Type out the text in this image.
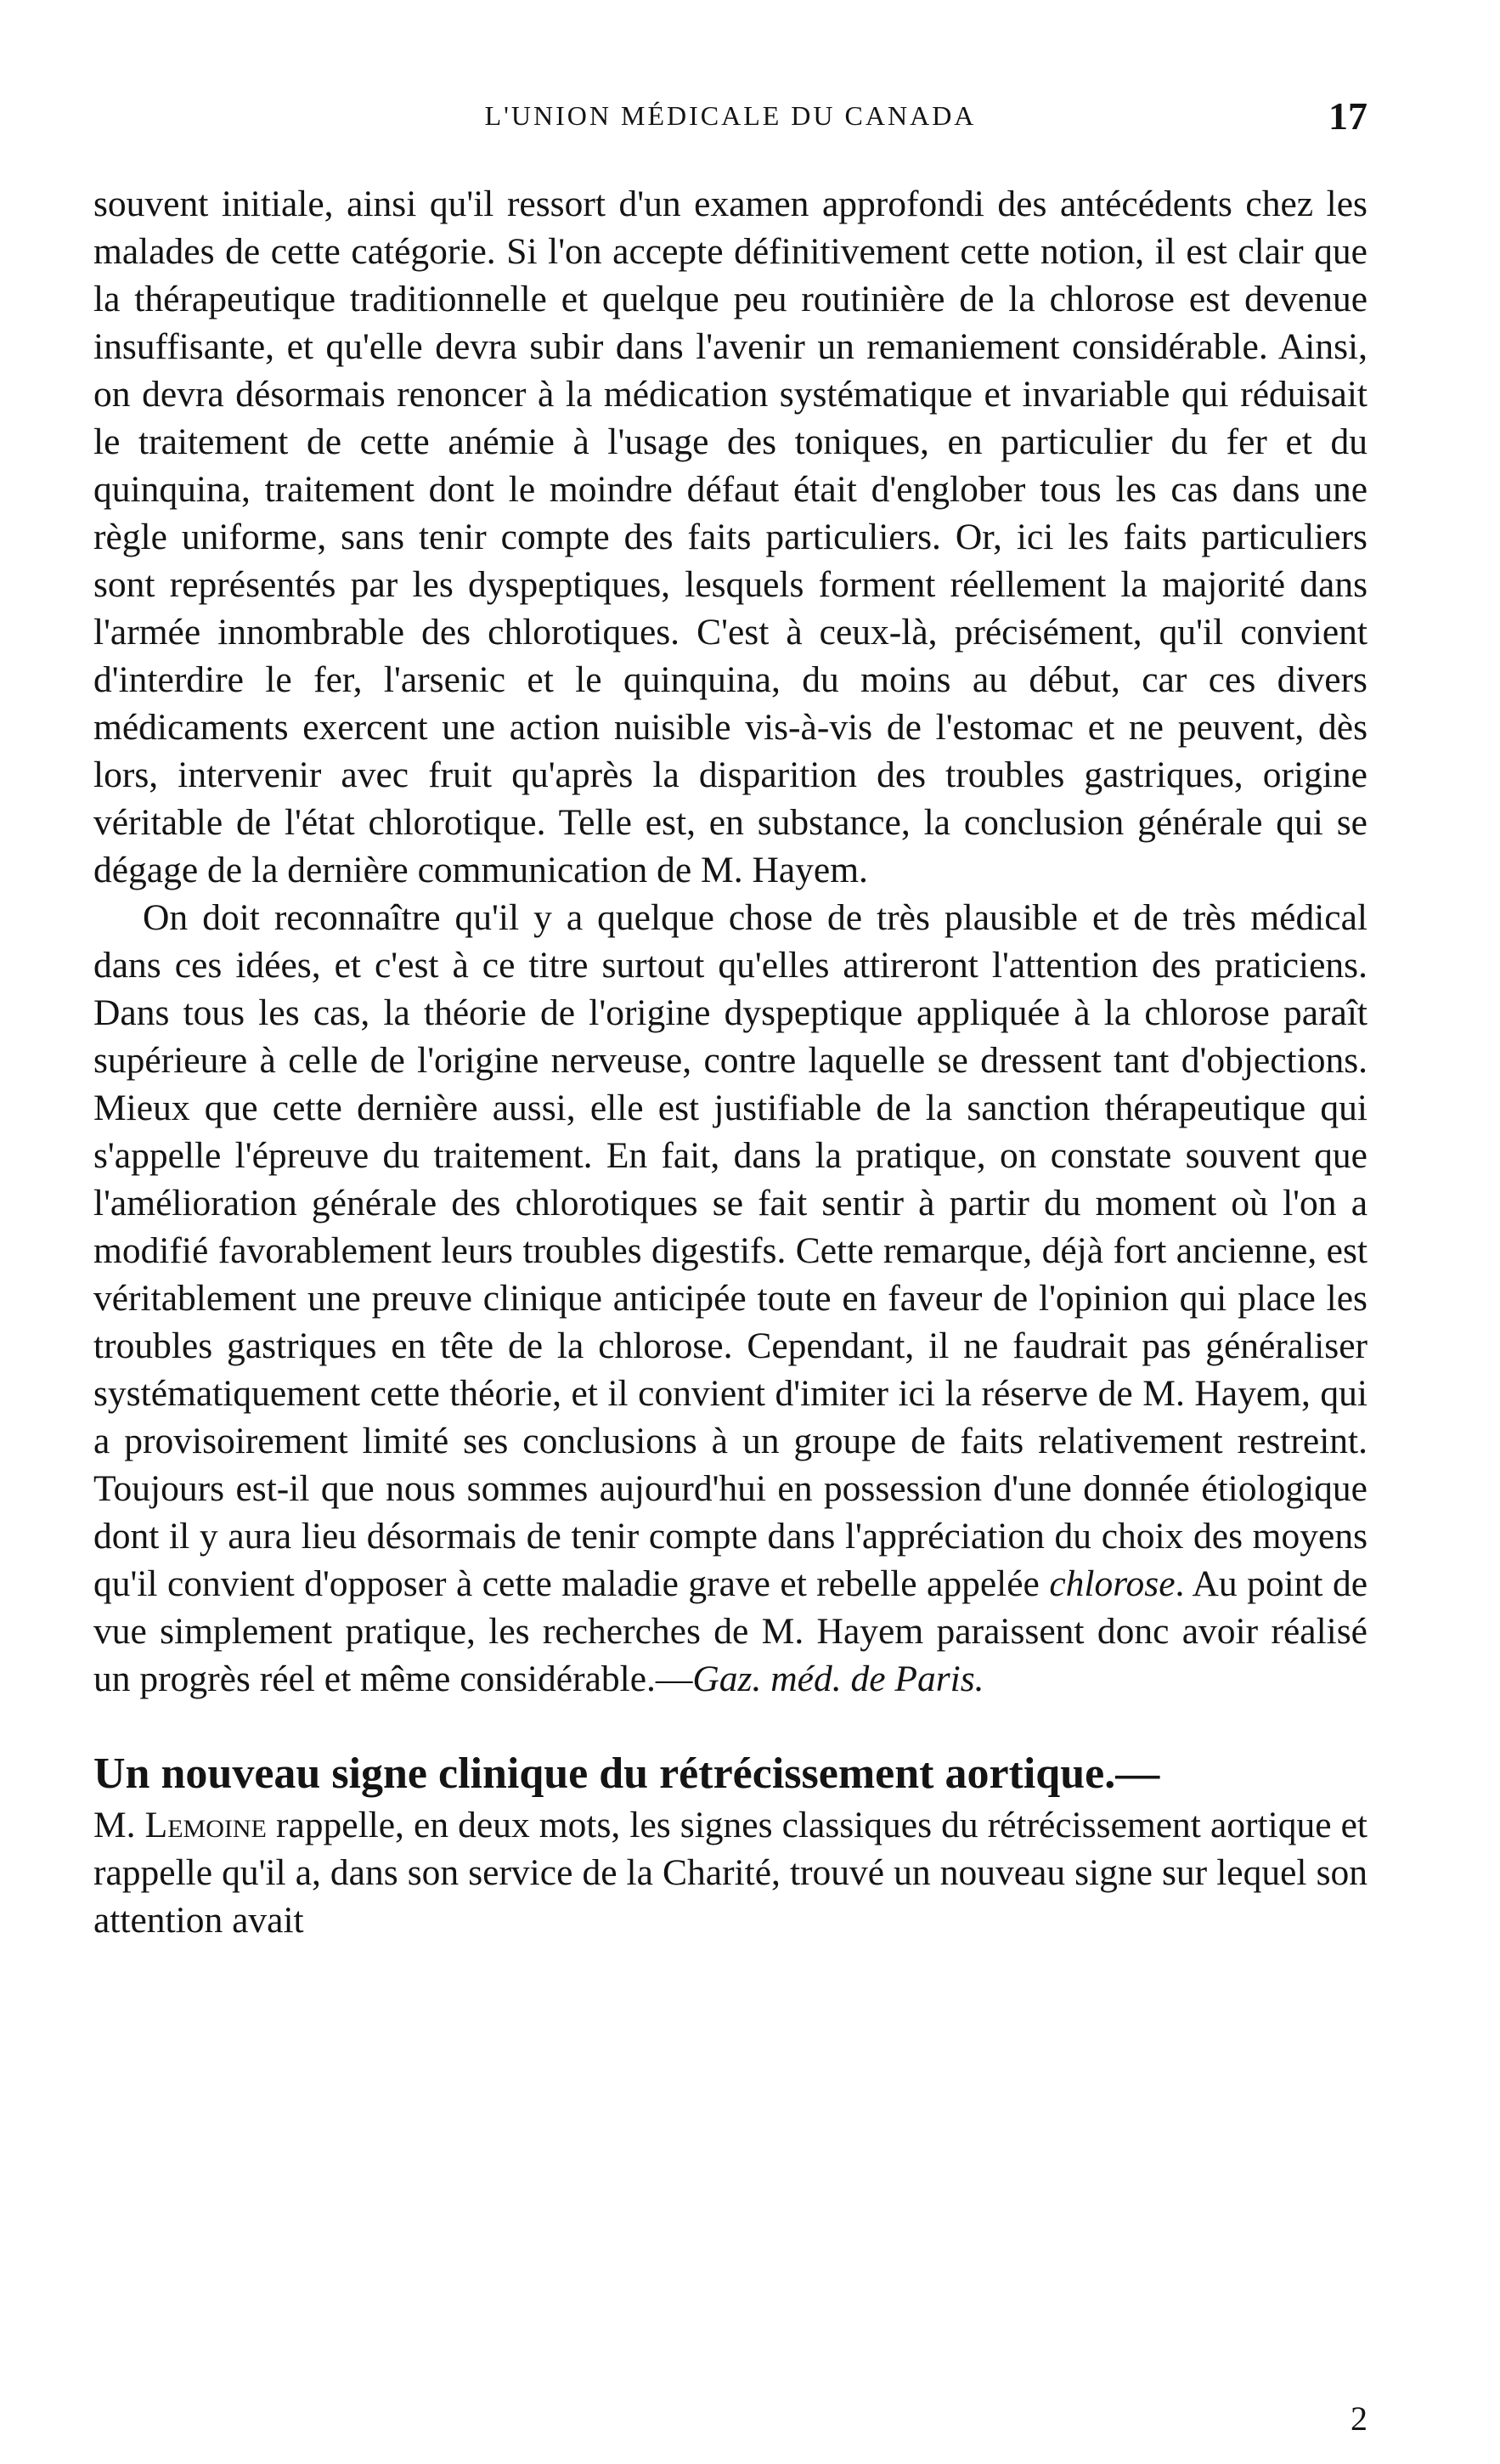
L'UNION MÉDICALE DU CANADA	17

souvent initiale, ainsi qu'il ressort d'un examen approfondi des antécédents chez les malades de cette catégorie. Si l'on accepte définitivement cette notion, il est clair que la thérapeutique traditionnelle et quelque peu routinière de la chlorose est devenue insuffisante, et qu'elle devra subir dans l'avenir un remaniement considérable. Ainsi, on devra désormais renoncer à la médication systématique et invariable qui réduisait le traitement de cette anémie à l'usage des toniques, en particulier du fer et du quinquina, traitement dont le moindre défaut était d'englober tous les cas dans une règle uniforme, sans tenir compte des faits particuliers. Or, ici les faits particuliers sont représentés par les dyspeptiques, lesquels forment réellement la majorité dans l'armée innombrable des chlorotiques. C'est à ceux-là, précisément, qu'il convient d'interdire le fer, l'arsenic et le quinquina, du moins au début, car ces divers médicaments exercent une action nuisible vis-à-vis de l'estomac et ne peuvent, dès lors, intervenir avec fruit qu'après la disparition des troubles gastriques, origine véritable de l'état chlorotique. Telle est, en substance, la conclusion générale qui se dégage de la dernière communication de M. Hayem.

On doit reconnaître qu'il y a quelque chose de très plausible et de très médical dans ces idées, et c'est à ce titre surtout qu'elles attireront l'attention des praticiens. Dans tous les cas, la théorie de l'origine dyspeptique appliquée à la chlorose paraît supérieure à celle de l'origine nerveuse, contre laquelle se dressent tant d'objections. Mieux que cette dernière aussi, elle est justifiable de la sanction thérapeutique qui s'appelle l'épreuve du traitement. En fait, dans la pratique, on constate souvent que l'amélioration générale des chlorotiques se fait sentir à partir du moment où l'on a modifié favorablement leurs troubles digestifs. Cette remarque, déjà fort ancienne, est véritablement une preuve clinique anticipée toute en faveur de l'opinion qui place les troubles gastriques en tête de la chlorose. Cependant, il ne faudrait pas généraliser systématiquement cette théorie, et il convient d'imiter ici la réserve de M. Hayem, qui a provisoirement limité ses conclusions à un groupe de faits relativement restreint. Toujours est-il que nous sommes aujourd'hui en possession d'une donnée étiologique dont il y aura lieu désormais de tenir compte dans l'appréciation du choix des moyens qu'il convient d'opposer à cette maladie grave et rebelle appelée chlorose. Au point de vue simplement pratique, les recherches de M. Hayem paraissent donc avoir réalisé un progrès réel et même considérable.—Gaz. méd. de Paris.

Un nouveau signe clinique du rétrécissement aortique.—

M. Lemoine rappelle, en deux mots, les signes classiques du rétrécissement aortique et rappelle qu'il a, dans son service de la Charité, trouvé un nouveau signe sur lequel son attention avait

2
